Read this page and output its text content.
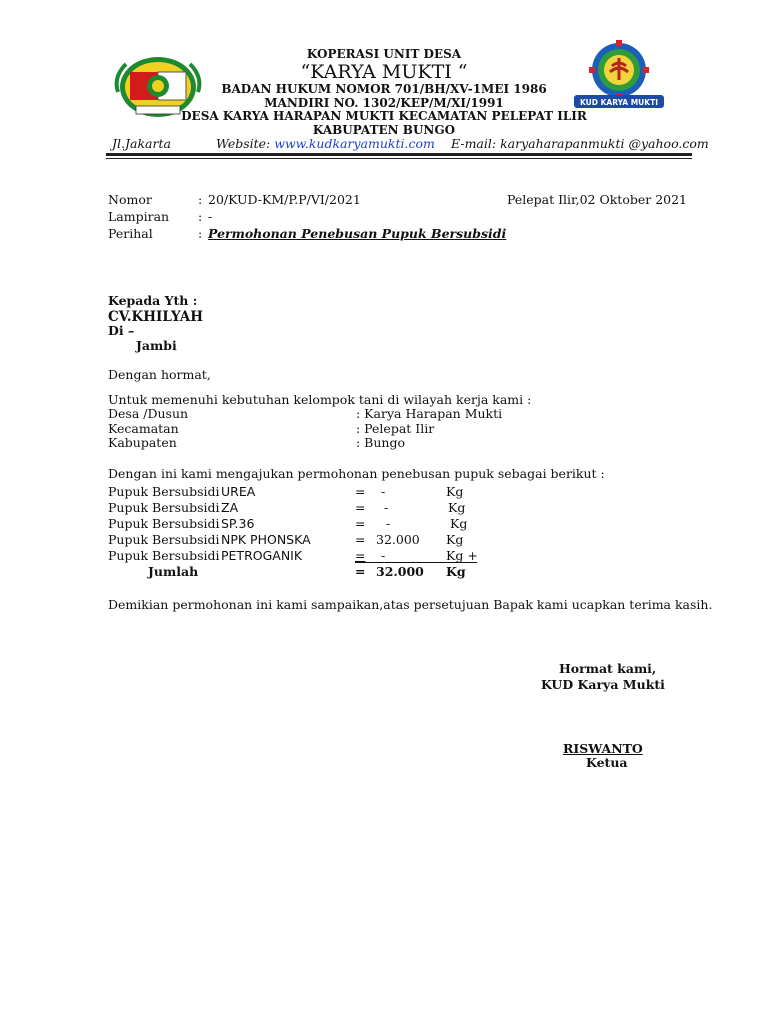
KUD KARYA MUKTI
KOPERASI UNIT DESA
“KARYA MUKTI “
BADAN HUKUM NOMOR 701/BH/XV-1MEI 1986
MANDIRI NO. 1302/KEP/M/XI/1991
DESA KARYA HARAPAN MUKTI KECAMATAN PELEPAT ILIR
KABUPATEN BUNGO
Jl.Jakarta	Website: www.kudkaryamukti.com E-mail: karyaharapanmukti @yahoo.com
Nomor	: 20/KUD-KM/P.P/VI/2021	Pelepat Ilir,02 Oktober 2021
Lampiran : -
Perihal	: Permohonan Penebusan Pupuk Bersubsidi
Kepada Yth :
CV.KHILYAH
Di –
Jambi
Dengan hormat,
Untuk memenuhi kebutuhan kelompok tani di wilayah kerja kami :
Desa /Dusun	: Karya Harapan Mukti
Kecamatan	: Pelepat Ilir
Kabupaten	: Bungo
Dengan ini kami mengajukan permohonan penebusan pupuk sebagai berikut :
Pupuk Bersubsidi UREA	= -	Kg
Pupuk Bersubsidi ZA	= -	Kg
Pupuk Bersubsidi SP.36	= -	Kg
Pupuk Bersubsidi NPK PHONSKA	= 32.000 Kg
Pupuk Bersubsidi PETROGANIK	= -	Kg +
Jumlah	= 32.000 Kg
Demikian permohonan ini kami sampaikan,atas persetujuan Bapak kami ucapkan terima kasih.
Hormat kami,
KUD Karya Mukti
RISWANTO
Ketua
